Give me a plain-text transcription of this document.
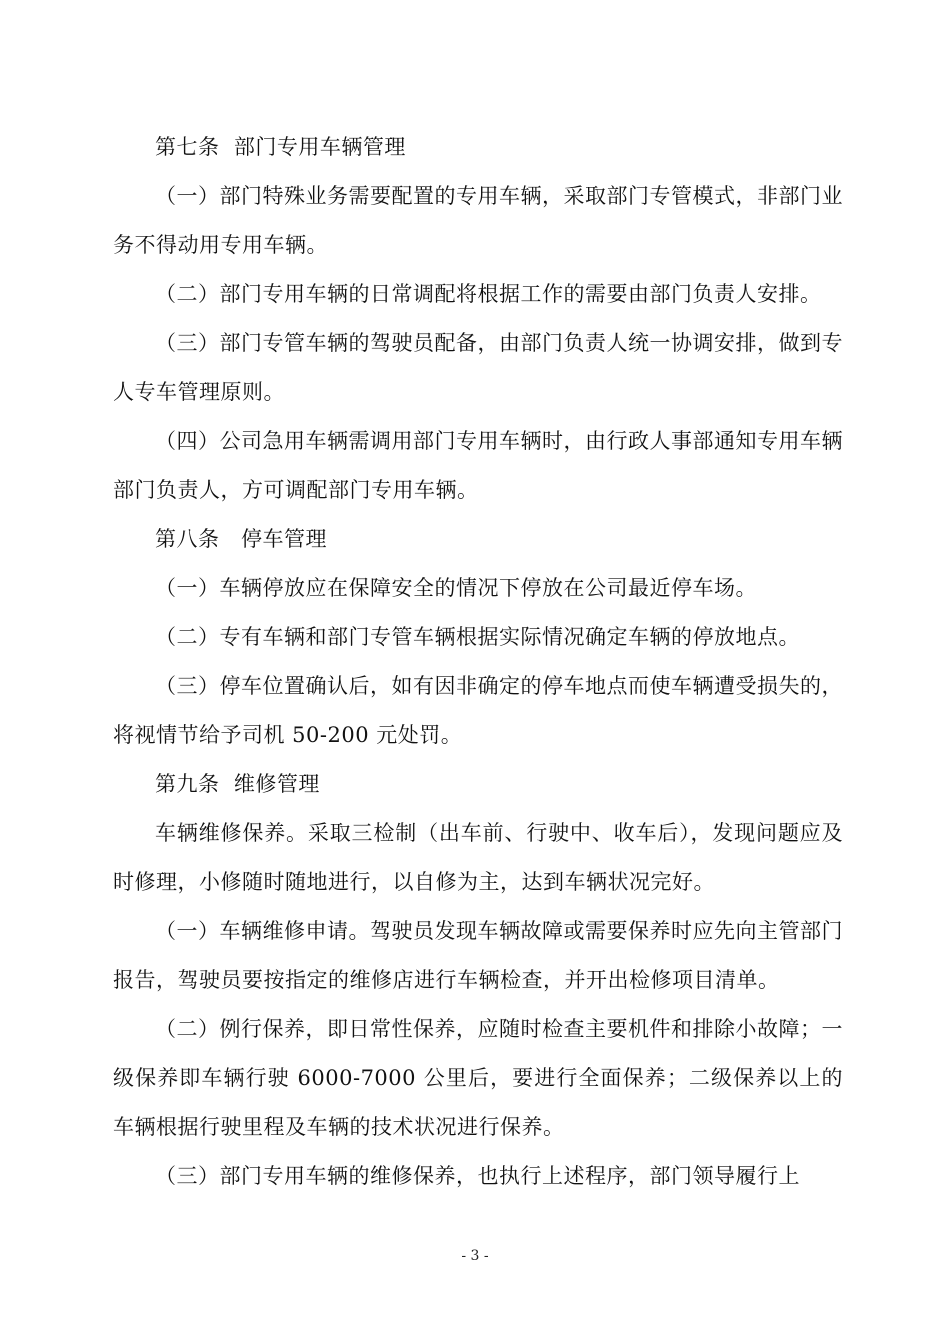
第七条  部门专用车辆管理

（一）部门特殊业务需要配置的专用车辆，采取部门专管模式，非部门业务不得动用专用车辆。

（二）部门专用车辆的日常调配将根据工作的需要由部门负责人安排。

（三）部门专管车辆的驾驶员配备，由部门负责人统一协调安排，做到专人专车管理原则。

（四）公司急用车辆需调用部门专用车辆时，由行政人事部通知专用车辆部门负责人，方可调配部门专用车辆。

第八条   停车管理

（一）车辆停放应在保障安全的情况下停放在公司最近停车场。

（二）专有车辆和部门专管车辆根据实际情况确定车辆的停放地点。

（三）停车位置确认后，如有因非确定的停车地点而使车辆遭受损失的，将视情节给予司机 50-200 元处罚。

第九条  维修管理

车辆维修保养。采取三检制（出车前、行驶中、收车后），发现问题应及时修理，小修随时随地进行，以自修为主，达到车辆状况完好。

（一）车辆维修申请。驾驶员发现车辆故障或需要保养时应先向主管部门报告，驾驶员要按指定的维修店进行车辆检查，并开出检修项目清单。

（二）例行保养，即日常性保养，应随时检查主要机件和排除小故障；一级保养即车辆行驶 6000-7000 公里后，要进行全面保养；二级保养以上的车辆根据行驶里程及车辆的技术状况进行保养。

（三）部门专用车辆的维修保养，也执行上述程序，部门领导履行上

- 3 -
